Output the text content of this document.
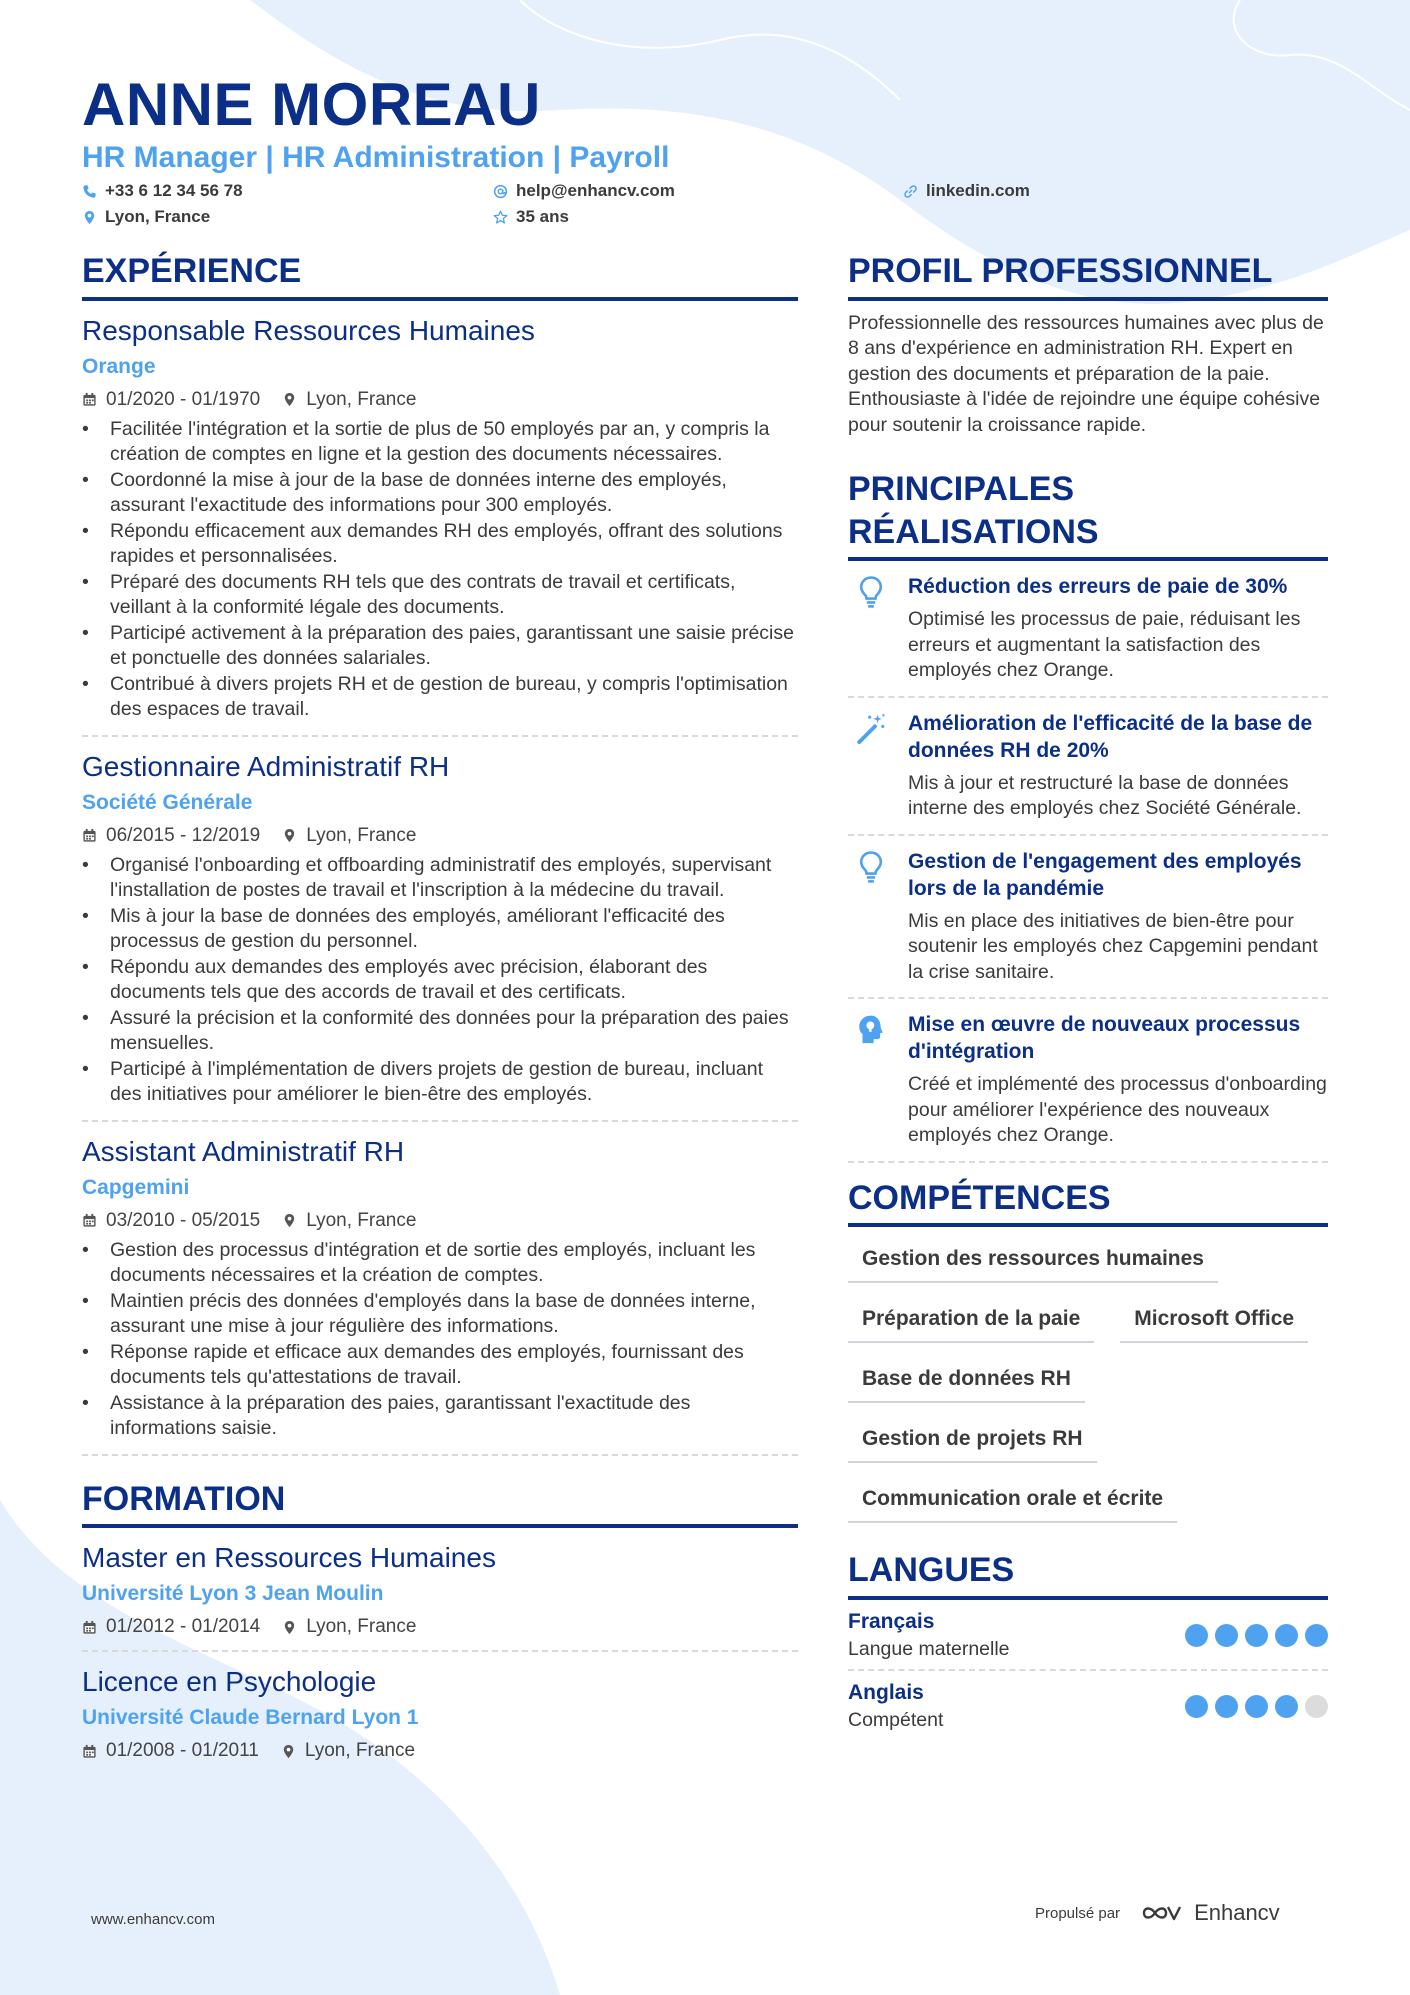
ANNE MOREAU
HR Manager | HR Administration | Payroll
+33 6 12 34 56 78
Lyon, France
help@enhancv.com
35 ans
linkedin.com
EXPÉRIENCE
Responsable Ressources Humaines
Orange
01/2020 - 01/1970 Lyon, France
• Facilitée l'intégration et la sortie de plus de 50 employés par an, y compris la création de comptes en ligne et la gestion des documents nécessaires.
• Coordonné la mise à jour de la base de données interne des employés, assurant l'exactitude des informations pour 300 employés.
• Répondu efficacement aux demandes RH des employés, offrant des solutions rapides et personnalisées.
• Préparé des documents RH tels que des contrats de travail et certificats, veillant à la conformité légale des documents.
• Participé activement à la préparation des paies, garantissant une saisie précise et ponctuelle des données salariales.
• Contribué à divers projets RH et de gestion de bureau, y compris l'optimisation des espaces de travail.
Gestionnaire Administratif RH
Société Générale
06/2015 - 12/2019 Lyon, France
• Organisé l'onboarding et offboarding administratif des employés, supervisant l'installation de postes de travail et l'inscription à la médecine du travail.
• Mis à jour la base de données des employés, améliorant l'efficacité des processus de gestion du personnel.
• Répondu aux demandes des employés avec précision, élaborant des documents tels que des accords de travail et des certificats.
• Assuré la précision et la conformité des données pour la préparation des paies mensuelles.
• Participé à l'implémentation de divers projets de gestion de bureau, incluant des initiatives pour améliorer le bien-être des employés.
Assistant Administratif RH
Capgemini
03/2010 - 05/2015 Lyon, France
• Gestion des processus d'intégration et de sortie des employés, incluant les documents nécessaires et la création de comptes.
• Maintien précis des données d'employés dans la base de données interne, assurant une mise à jour régulière des informations.
• Réponse rapide et efficace aux demandes des employés, fournissant des documents tels qu'attestations de travail.
• Assistance à la préparation des paies, garantissant l'exactitude des informations saisie.
FORMATION
Master en Ressources Humaines
Université Lyon 3 Jean Moulin
01/2012 - 01/2014 Lyon, France
Licence en Psychologie
Université Claude Bernard Lyon 1
01/2008 - 01/2011 Lyon, France
PROFIL PROFESSIONNEL
Professionnelle des ressources humaines avec plus de 8 ans d'expérience en administration RH. Expert en gestion des documents et préparation de la paie. Enthousiaste à l'idée de rejoindre une équipe cohésive pour soutenir la croissance rapide.
PRINCIPALES RÉALISATIONS
Réduction des erreurs de paie de 30%
Optimisé les processus de paie, réduisant les erreurs et augmentant la satisfaction des employés chez Orange.
Amélioration de l'efficacité de la base de données RH de 20%
Mis à jour et restructuré la base de données interne des employés chez Société Générale.
Gestion de l'engagement des employés lors de la pandémie
Mis en place des initiatives de bien-être pour soutenir les employés chez Capgemini pendant la crise sanitaire.
Mise en œuvre de nouveaux processus d'intégration
Créé et implémenté des processus d'onboarding pour améliorer l'expérience des nouveaux employés chez Orange.
COMPÉTENCES
Gestion des ressources humaines
Préparation de la paie	Microsoft Office
Base de données RH
Gestion de projets RH
Communication orale et écrite
LANGUES
Français
Langue maternelle
Anglais
Compétent
www.enhancv.com	Propulsé par	Enhancv
